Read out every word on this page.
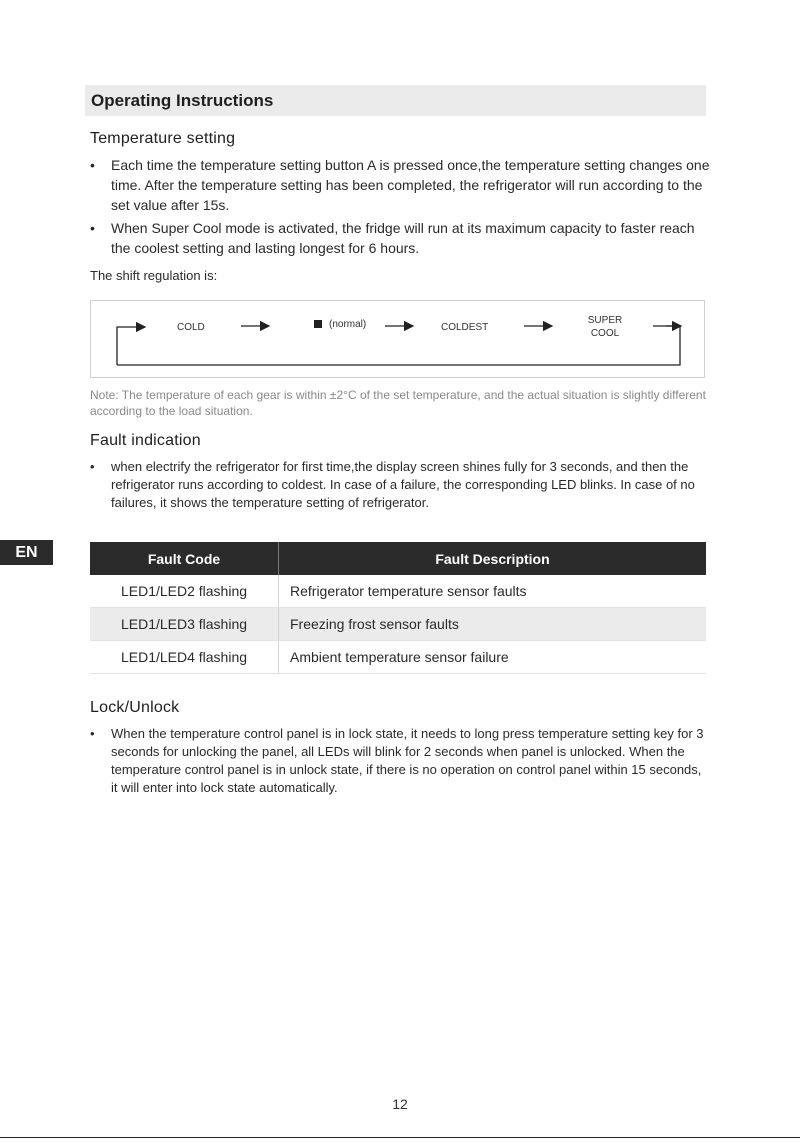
Operating Instructions
Temperature setting

• Each time the temperature setting button A is pressed once,the temperature setting changes one time. After the temperature setting has been completed, the refrigerator will run according to the set value after 15s.

• When Super Cool mode is activated, the fridge will run at its maximum capacity to faster reach the coolest setting and lasting longest for 6 hours.

The shift regulation is:

COLD	(normal)	COLDEST
SUPER
COOL

Note: The temperature of each gear is within ±2°C of the set temperature, and the actual situation is slightly different according to the load situation.

Fault indication

• when electrify the refrigerator for first time,the display screen shines fully for 3 seconds, and then the refrigerator runs according to coldest. In case of a failure, the corresponding LED blinks. In case of no failures, it shows the temperature setting of refrigerator.

EN	Fault Code	Fault Description
LED1/LED2 flashing	Refrigerator temperature sensor faults
LED1/LED3 flashing	Freezing frost sensor faults
LED1/LED4 flashing	Ambient temperature sensor failure
Lock/Unlock

• When the temperature control panel is in lock state, it needs to long press temperature setting key for 3 seconds for unlocking the panel, all LEDs will blink for 2 seconds when panel is unlocked. When the temperature control panel is in unlock state, if there is no operation on control panel within 15 seconds, it will enter into lock state automatically.

12
